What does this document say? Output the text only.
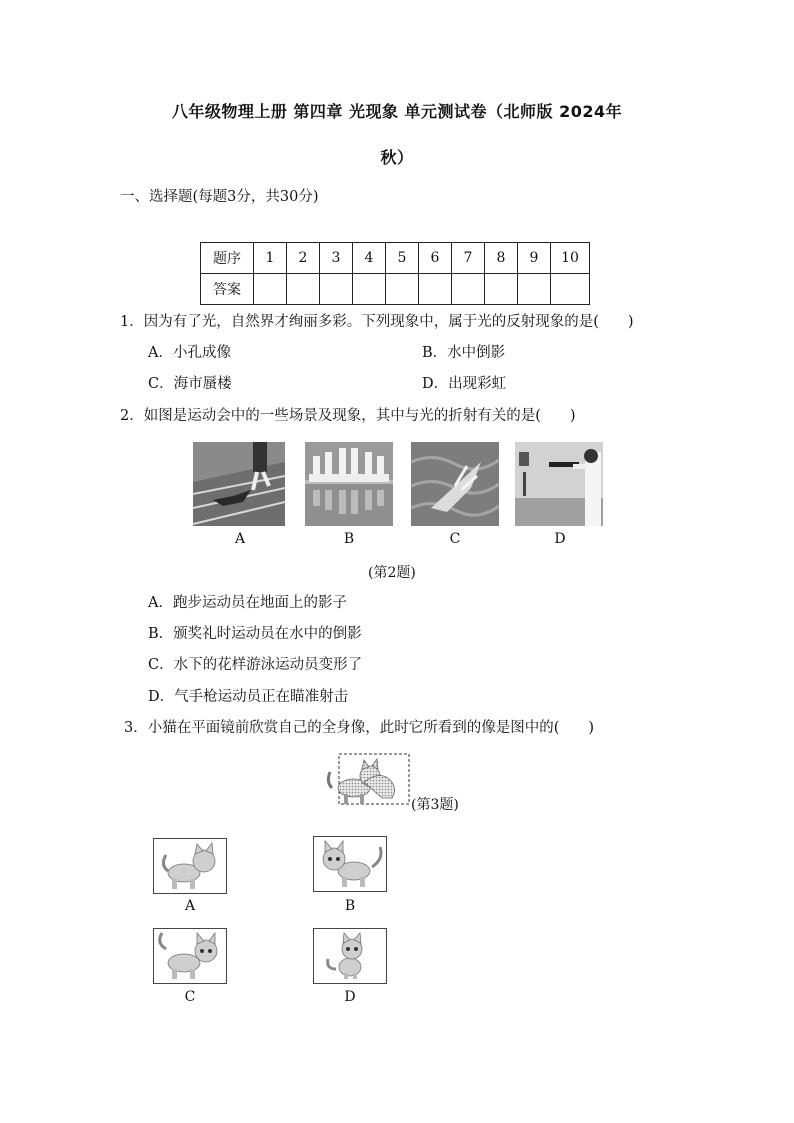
八年级物理上册 第四章 光现象 单元测试卷（北师版 2024年
秋）
一、选择题(每题3分，共30分)
题序	1	2	3	4	5	6	7	8	9	10
答案										
1．因为有了光，自然界才绚丽多彩。下列现象中，属于光的反射现象的是(　　)
A．小孔成像	B．水中倒影
C．海市蜃楼	D．出现彩虹
2．如图是运动会中的一些场景及现象，其中与光的折射有关的是(　　)
A	B	C	D
(第2题)
A．跑步运动员在地面上的影子
B．颁奖礼时运动员在水中的倒影
C．水下的花样游泳运动员变形了
D．气手枪运动员正在瞄准射击
3．小猫在平面镜前欣赏自己的全身像，此时它所看到的像是图中的(　　)
(第3题)
A	B
C	D
